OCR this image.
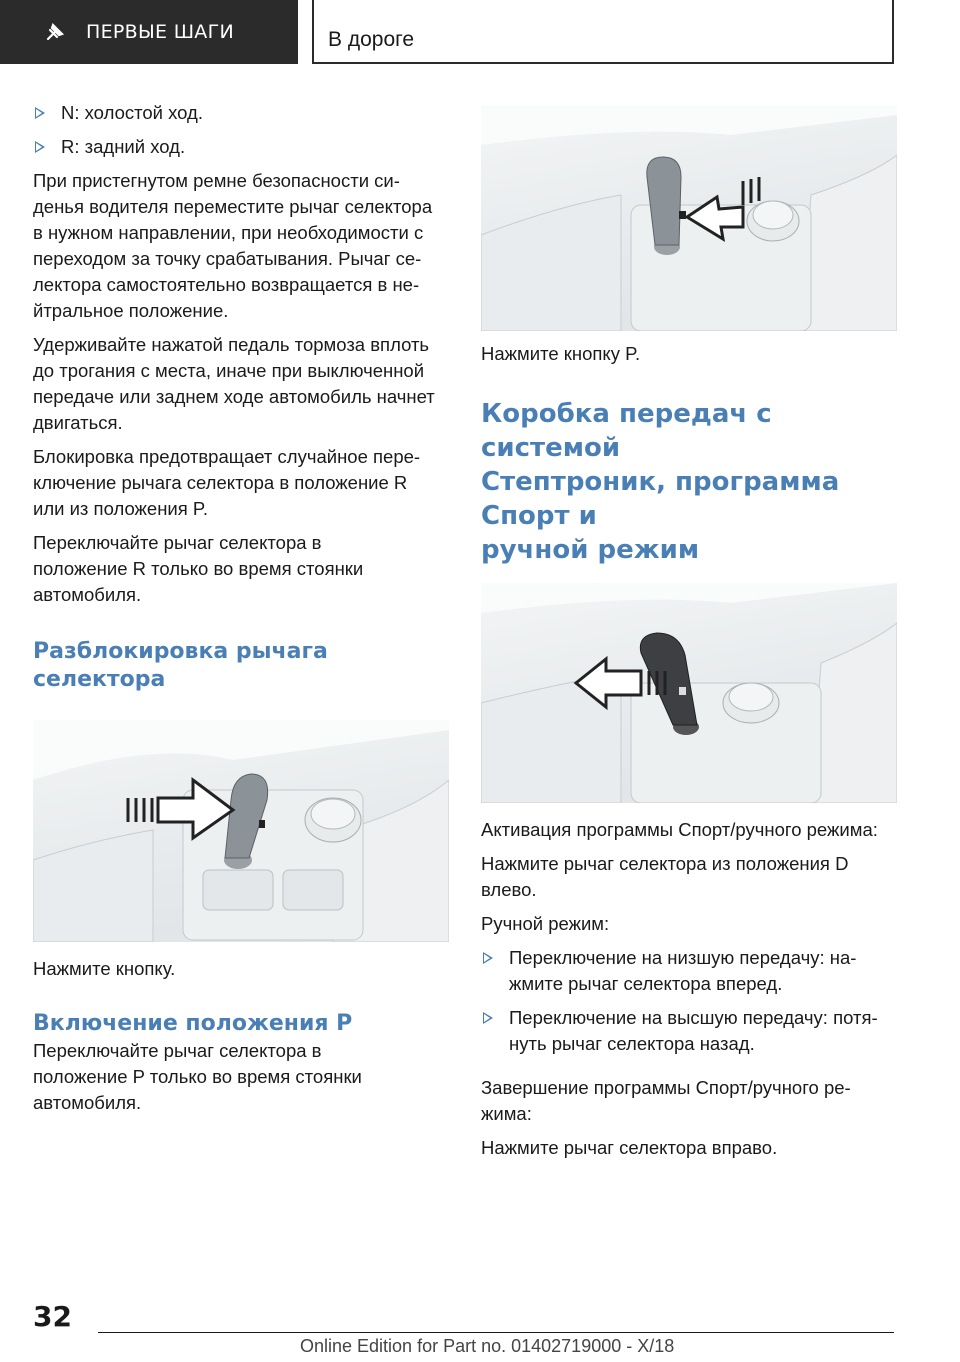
ПЕРВЫЕ ШАГИ	В дороге
N: холостой ход.
R: задний ход.

При пристегнутом ремне безопасности си-
денья водителя переместите рычаг селектора
в нужном направлении, при необходимости с
переходом за точку срабатывания. Рычаг се-
лектора самостоятельно возвращается в не-
йтральное положение.

Удерживайте нажатой педаль тормоза вплоть
до трогания с места, иначе при выключенной
передаче или заднем ходе автомобиль начнет
двигаться.

Блокировка предотвращает случайное пере-
ключение рычага селектора в положение R
или из положения P.

Переключайте рычаг селектора в
положение R только во время стоянки
автомобиля.

Разблокировка рычага селектора

Нажмите кнопку.

Включение положения P

Переключайте рычаг селектора в
положение P только во время стоянки
автомобиля.

Нажмите кнопку P.

Коробка передач с системой
Стептроник, программа Спорт и
ручной режим

Активация программы Спорт/ручного режима:

Нажмите рычаг селектора из положения D
влево.

Ручной режим:

Переключение на низшую передачу: на-
жмите рычаг селектора вперед.
Переключение на высшую передачу: потя-
нуть рычаг селектора назад.

Завершение программы Спорт/ручного ре-
жима:

Нажмите рычаг селектора вправо.

32
Online Edition for Part no. 01402719000 - X/18
